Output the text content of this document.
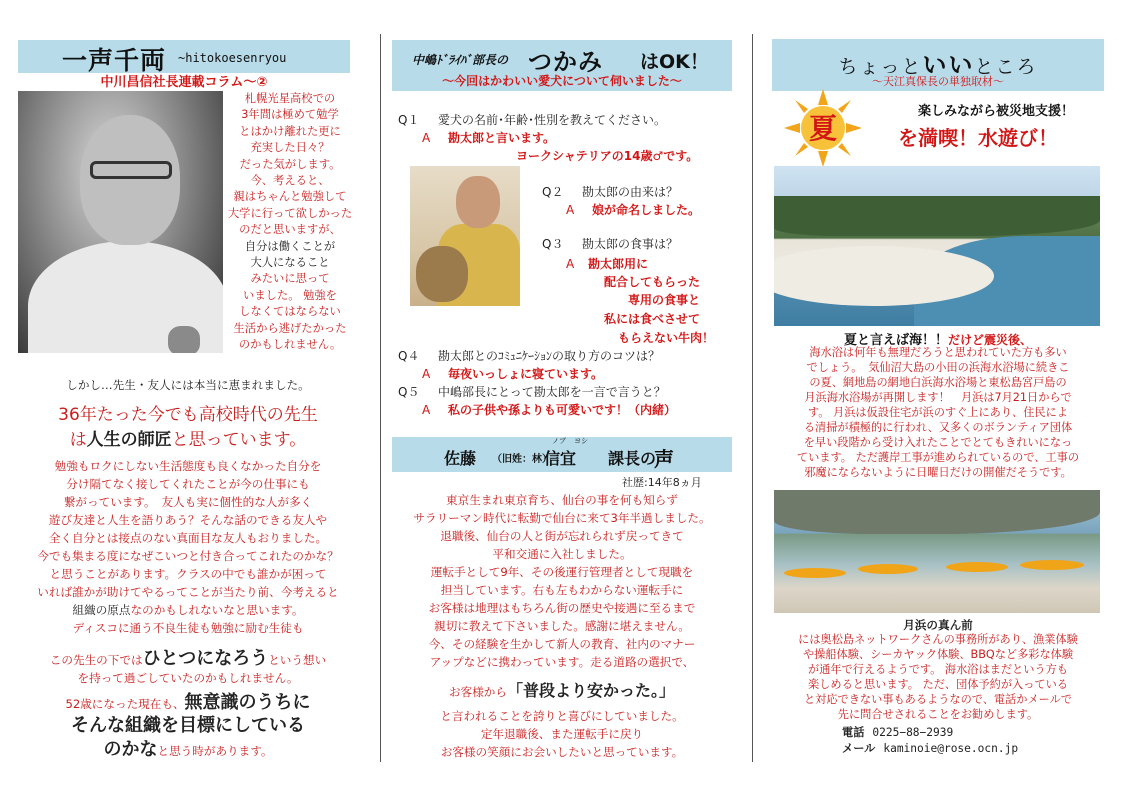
一声千両 ~hitokoesenryou
中川昌信社長連載コラム～②
札幌光星高校での
3年間は極めて勉学
とはかけ離れた更に
充実した日々？
だった気がします。
今、考えると、
親はちゃんと勉強して
大学に行って欲しかった
のだと思いますが、
自分は働くことが
大人になること
みたいに思って
いました。 勉強を
しなくてはならない
生活から逃げたかった
のかもしれません。
しかし…先生・友人には本当に恵まれました。
36年たった今でも高校時代の先生
は人生の師匠と思っています。
勉強もロクにしない生活態度も良くなかった自分を
分け隔てなく接してくれたことが今の仕事にも
繋がっています。　友人も実に個性的な人が多く
遊び友達と人生を語りあう？そんな話のできる友人や
全く自分とは接点のない真面目な友人もおりました。
今でも集まる度になぜこいつと付き合ってこれたのかな？
と思うことがあります。クラスの中でも誰かが困って
いれば誰かが助けてやるってことが当たり前、今考えると
組織の原点なのかもしれないなと思います。
ディスコに通う不良生徒も勉強に励む生徒も
この先生の下ではひとつになろうという想い
を持って過ごしていたのかもしれません。
52歳になった現在も、無意識のうちに
そんな組織を目標にしている
のかなと思う時があります。
中嶋ﾄﾞﾗｲﾊﾞ部長の つかみ はOK！
～今回はかわいい愛犬について伺いました～
Q１ 愛犬の名前･年齢･性別を教えてください。
A 勘太郎と言います。
ヨークシャテリアの14歳♂です。
Q２ 勘太郎の由来は？
A 娘が命名しました。
Q３ 勘太郎の食事は？
A 勘太郎用に
配合してもらった
専用の食事と
私には食べさせて
もらえない牛肉！
Q４ 勘太郎とのｺﾐｭﾆｹｰｼｮﾝの取り方のコツは？
A 毎夜いっしょに寝ています。
Q５ 中嶋部長にとって勘太郎を一言で言うと？
A 私の子供や孫よりも可愛いです！（内緒）
佐藤 （旧姓：林）
ノブ ヨシ
信宜 課長の
声
社歴:14年8ヵ月
東京生まれ東京育ち、仙台の事を何も知らず
サラリーマン時代に転勤で仙台に来て3年半過しました。
退職後、仙台の人と街が忘れられず戻ってきて
平和交通に入社しました。
運転手として9年、その後運行管理者として現職を
担当しています。右も左もわからない運転手に
お客様は地理はもちろん街の歴史や接遇に至るまで
親切に教えて下さいました。感謝に堪えません。
今、その経験を生かして新人の教育、社内のマナー
アップなどに携わっています。走る道路の選択で、
お客様から「普段より安かった。」
と言われることを誇りと喜びにしていました。
定年退職後、また運転手に戻り
お客様の笑顔にお会いしたいと思っています。
ちょっといいところ
～天江真保長の単独取材～
夏
楽しみながら被災地支援！
を満喫！水遊び！
夏と言えば海！！だけど震災後、
海水浴は何年も無理だろうと思われていた方も多い
でしょう。　気仙沼大島の小田の浜海水浴場に続きこ
の夏、網地島の網地白浜海水浴場と東松島宮戸島の
月浜海水浴場が再開します！　月浜は7月21日からで
す。 月浜は仮設住宅が浜のすぐ上にあり、住民によ
る清掃が積極的に行われ、又多くのボランティア団体
を早い段階から受け入れたことでとてもきれいになっ
ています。 ただ護岸工事が進められているので、工事の
邪魔にならないように日曜日だけの開催だそうです。
月浜の真ん前
には奥松島ネットワークさんの事務所があり、漁業体験
や操船体験、シーカヤック体験、BBQなど多彩な体験
が通年で行えるようです。 海水浴はまだという方も
楽しめると思います。 ただ、団体予約が入っている
と対応できない事もあるようなので、電話かメールで
先に問合せされることをお勧めします。
電話 0225−88−2939
メール kaminoie@rose.ocn.jp
